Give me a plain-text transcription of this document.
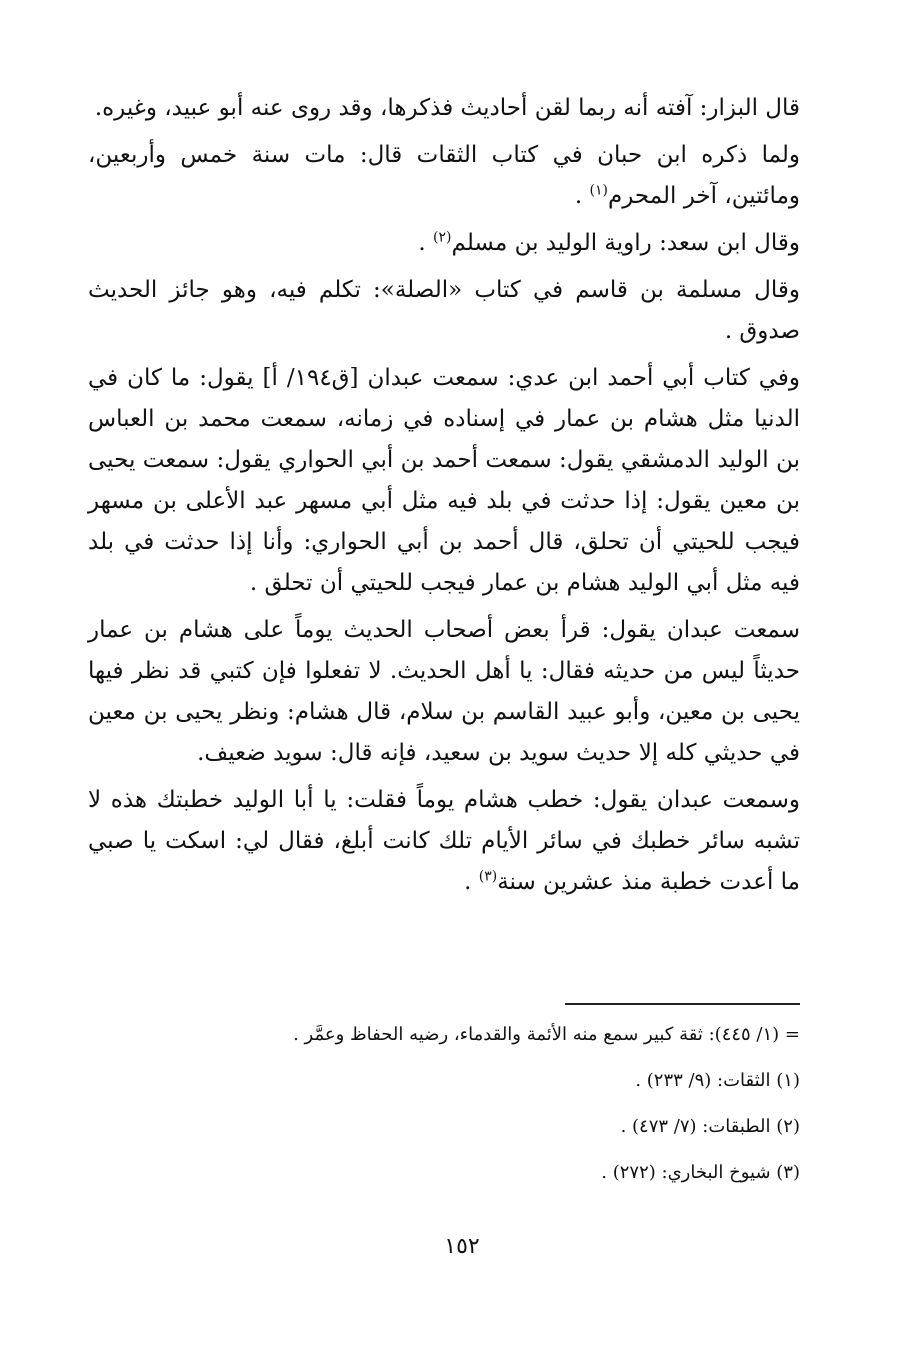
قال البزار: آفته أنه ربما لقن أحاديث فذكرها، وقد روى عنه أبو عبيد، وغيره.

ولما ذكره ابن حبان في كتاب الثقات قال: مات سنة خمس وأربعين، ومائتين، آخر المحرم$^{(١)}$ .

وقال ابن سعد: راوية الوليد بن مسلم$^{(٢)}$ .

وقال مسلمة بن قاسم في كتاب «الصلة»: تكلم فيه، وهو جائز الحديث صدوق .

وفي كتاب أبي أحمد ابن عدي: سمعت عبدان [ق١٩٤/ أ] يقول: ما كان في الدنيا مثل هشام بن عمار في إسناده في زمانه، سمعت محمد بن العباس بن الوليد الدمشقي يقول: سمعت أحمد بن أبي الحواري يقول: سمعت يحيى بن معين يقول: إذا حدثت في بلد فيه مثل أبي مسهر عبد الأعلى بن مسهر فيجب للحيتي أن تحلق، قال أحمد بن أبي الحواري: وأنا إذا حدثت في بلد فيه مثل أبي الوليد هشام بن عمار فيجب للحيتي أن تحلق .

سمعت عبدان يقول: قرأ بعض أصحاب الحديث يوماً على هشام بن عمار حديثاً ليس من حديثه فقال: يا أهل الحديث. لا تفعلوا فإن كتبي قد نظر فيها يحيى بن معين، وأبو عبيد القاسم بن سلام، قال هشام: ونظر يحيى بن معين في حديثي كله إلا حديث سويد بن سعيد، فإنه قال: سويد ضعيف.

وسمعت عبدان يقول: خطب هشام يوماً فقلت: يا أبا الوليد خطبتك هذه لا تشبه سائر خطبك في سائر الأيام تلك كانت أبلغ، فقال لي: اسكت يا صبي ما أعدت خطبة منذ عشرين سنة$^{(٣)}$ .

= (١/ ٤٤٥): ثقة كبير سمع منه الأئمة والقدماء، رضيه الحفاظ وعمَّر .

(١) الثقات: (٩/ ٢٣٣) .

(٢) الطبقات: (٧/ ٤٧٣) .

(٣) شيوخ البخاري: (٢٧٢) .

١٥٢
